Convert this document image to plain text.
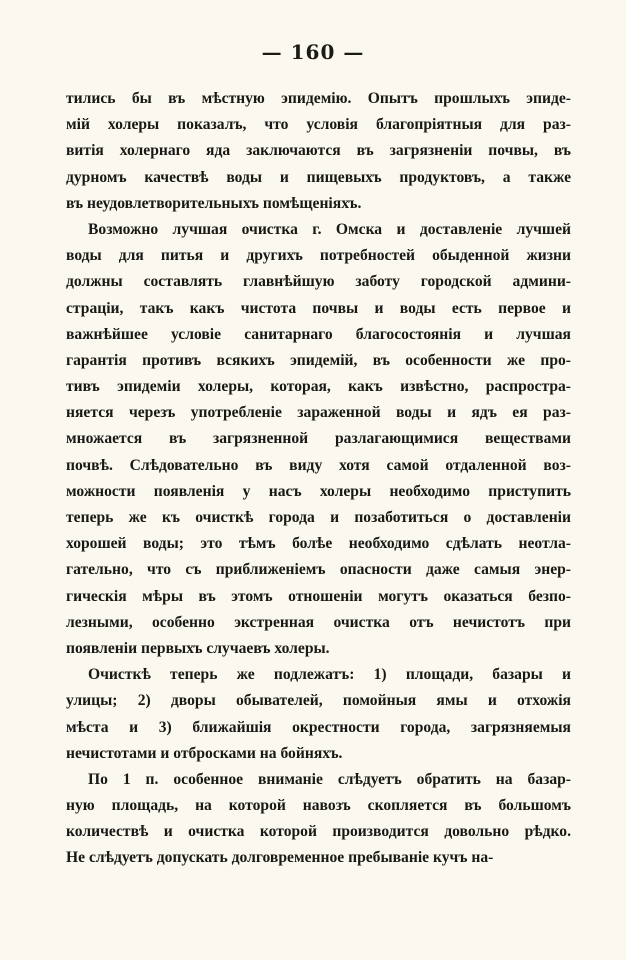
— 160 —
тились бы въ мѣстную эпидемію. Опытъ прошлыхъ эпиде-
мій холеры показалъ, что условія благопріятныя для раз-
витія холернаго яда заключаются въ загрязненіи почвы, въ
дурномъ качествѣ воды и пищевыхъ продуктовъ, а также
въ неудовлетворительныхъ помѣщеніяхъ.
Возможно лучшая очистка г. Омска и доставленіе лучшей
воды для питья и другихъ потребностей обыденной жизни
должны составлять главнѣйшую заботу городской админи-
страціи, такъ какъ чистота почвы и воды есть первое и
важнѣйшее условіе санитарнаго благосостоянія и лучшая
гарантія противъ всякихъ эпидемій, въ особенности же про-
тивъ эпидеміи холеры, которая, какъ извѣстно, распростра-
няется черезъ употребленіе зараженной воды и ядъ ея раз-
множается въ загрязненной разлагающимися веществами
почвѣ. Слѣдовательно въ виду хотя самой отдаленной воз-
можности появленія у насъ холеры необходимо приступить
теперь же къ очисткѣ города и позаботиться о доставленіи
хорошей воды; это тѣмъ болѣе необходимо сдѣлать неотла-
гательно, что съ приближеніемъ опасности даже самыя энер-
гическія мѣры въ этомъ отношеніи могутъ оказаться безпо-
лезными, особенно экстренная очистка отъ нечистотъ при
появленіи первыхъ случаевъ холеры.
Очисткѣ теперь же подлежатъ: 1) площади, базары и
улицы; 2) дворы обывателей, помойныя ямы и отхожія
мѣста и 3) ближайшія окрестности города, загрязняемыя
нечистотами и отбросками на бойняхъ.
По 1 п. особенное вниманіе слѣдуетъ обратить на базар-
ную площадь, на которой навозъ скопляется въ большомъ
количествѣ и очистка которой производится довольно рѣдко.
Не слѣдуетъ допускать долговременное пребываніе кучъ на-
